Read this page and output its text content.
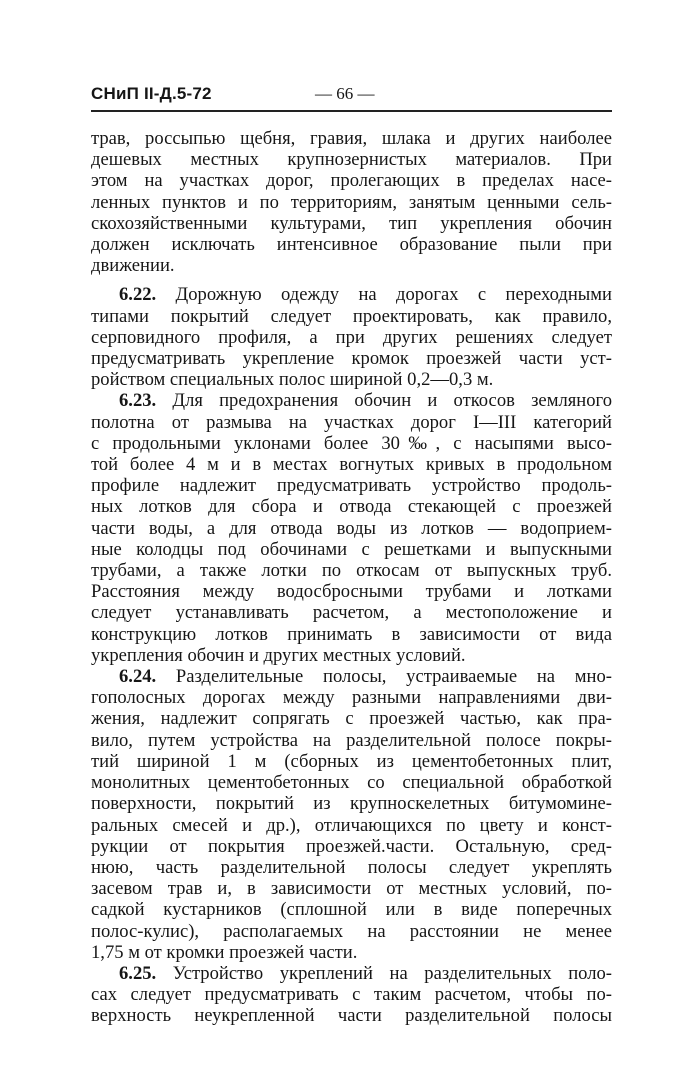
СНиП II-Д.5-72	— 66 —
трав, россыпью щебня, гравия, шлака и других наиболее
дешевых местных крупнозернистых материалов. При
этом на участках дорог, пролегающих в пределах насе-
ленных пунктов и по территориям, занятым ценными сель-
скохозяйственными культурами, тип укрепления обочин
должен исключать интенсивное образование пыли при
движении.
6.22. Дорожную одежду на дорогах с переходными
типами покрытий следует проектировать, как правило,
серповидного профиля, а при других решениях следует
предусматривать укрепление кромок проезжей части уст-
ройством специальных полос шириной 0,2—0,3 м.
6.23. Для предохранения обочин и откосов земляного
полотна от размыва на участках дорог I—III категорий
с продольными уклонами более 30‰, с насыпями высо-
той более 4 м и в местах вогнутых кривых в продольном
профиле надлежит предусматривать устройство продоль-
ных лотков для сбора и отвода стекающей с проезжей
части воды, а для отвода воды из лотков — водоприем-
ные колодцы под обочинами с решетками и выпускными
трубами, а также лотки по откосам от выпускных труб.
Расстояния между водосбросными трубами и лотками
следует устанавливать расчетом, а местоположение и
конструкцию лотков принимать в зависимости от вида
укрепления обочин и других местных условий.
6.24. Разделительные полосы, устраиваемые на мно-
гополосных дорогах между разными направлениями дви-
жения, надлежит сопрягать с проезжей частью, как пра-
вило, путем устройства на разделительной полосе покры-
тий шириной 1 м (сборных из цементобетонных плит,
монолитных цементобетонных со специальной обработкой
поверхности, покрытий из крупноскелетных битумомине-
ральных смесей и др.), отличающихся по цвету и конст-
рукции от покрытия проезжей.части. Остальную, сред-
нюю, часть разделительной полосы следует укреплять
засевом трав и, в зависимости от местных условий, по-
садкой кустарников (сплошной или в виде поперечных
полос-кулис), располагаемых на расстоянии не менее
1,75 м от кромки проезжей части.
6.25. Устройство укреплений на разделительных поло-
сах следует предусматривать с таким расчетом, чтобы по-
верхность неукрепленной части разделительной полосы
